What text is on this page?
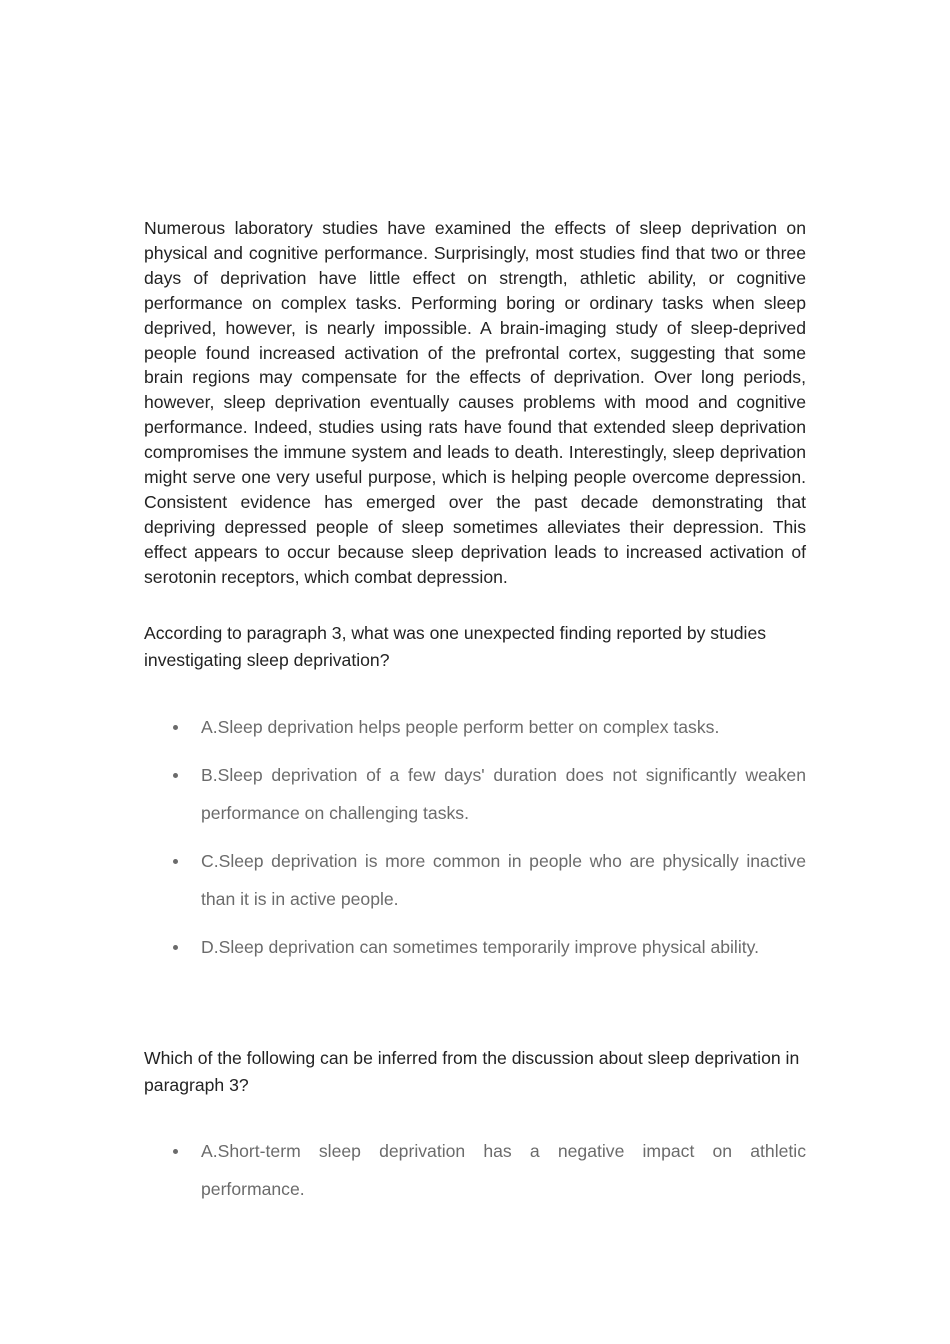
Numerous laboratory studies have examined the effects of sleep deprivation on physical and cognitive performance. Surprisingly, most studies find that two or three days of deprivation have little effect on strength, athletic ability, or cognitive performance on complex tasks. Performing boring or ordinary tasks when sleep deprived, however, is nearly impossible. A brain-imaging study of sleep-deprived people found increased activation of the prefrontal cortex, suggesting that some brain regions may compensate for the effects of deprivation. Over long periods, however, sleep deprivation eventually causes problems with mood and cognitive performance. Indeed, studies using rats have found that extended sleep deprivation compromises the immune system and leads to death. Interestingly, sleep deprivation might serve one very useful purpose, which is helping people overcome depression. Consistent evidence has emerged over the past decade demonstrating that depriving depressed people of sleep sometimes alleviates their depression. This effect appears to occur because sleep deprivation leads to increased activation of serotonin receptors, which combat depression.

According to paragraph 3, what was one unexpected finding reported by studies investigating sleep deprivation?

A.Sleep deprivation helps people perform better on complex tasks.
B.Sleep deprivation of a few days' duration does not significantly weaken performance on challenging tasks.
C.Sleep deprivation is more common in people who are physically inactive than it is in active people.
D.Sleep deprivation can sometimes temporarily improve physical ability.

Which of the following can be inferred from the discussion about sleep deprivation in paragraph 3?

A.Short-term sleep deprivation has a negative impact on athletic performance.
